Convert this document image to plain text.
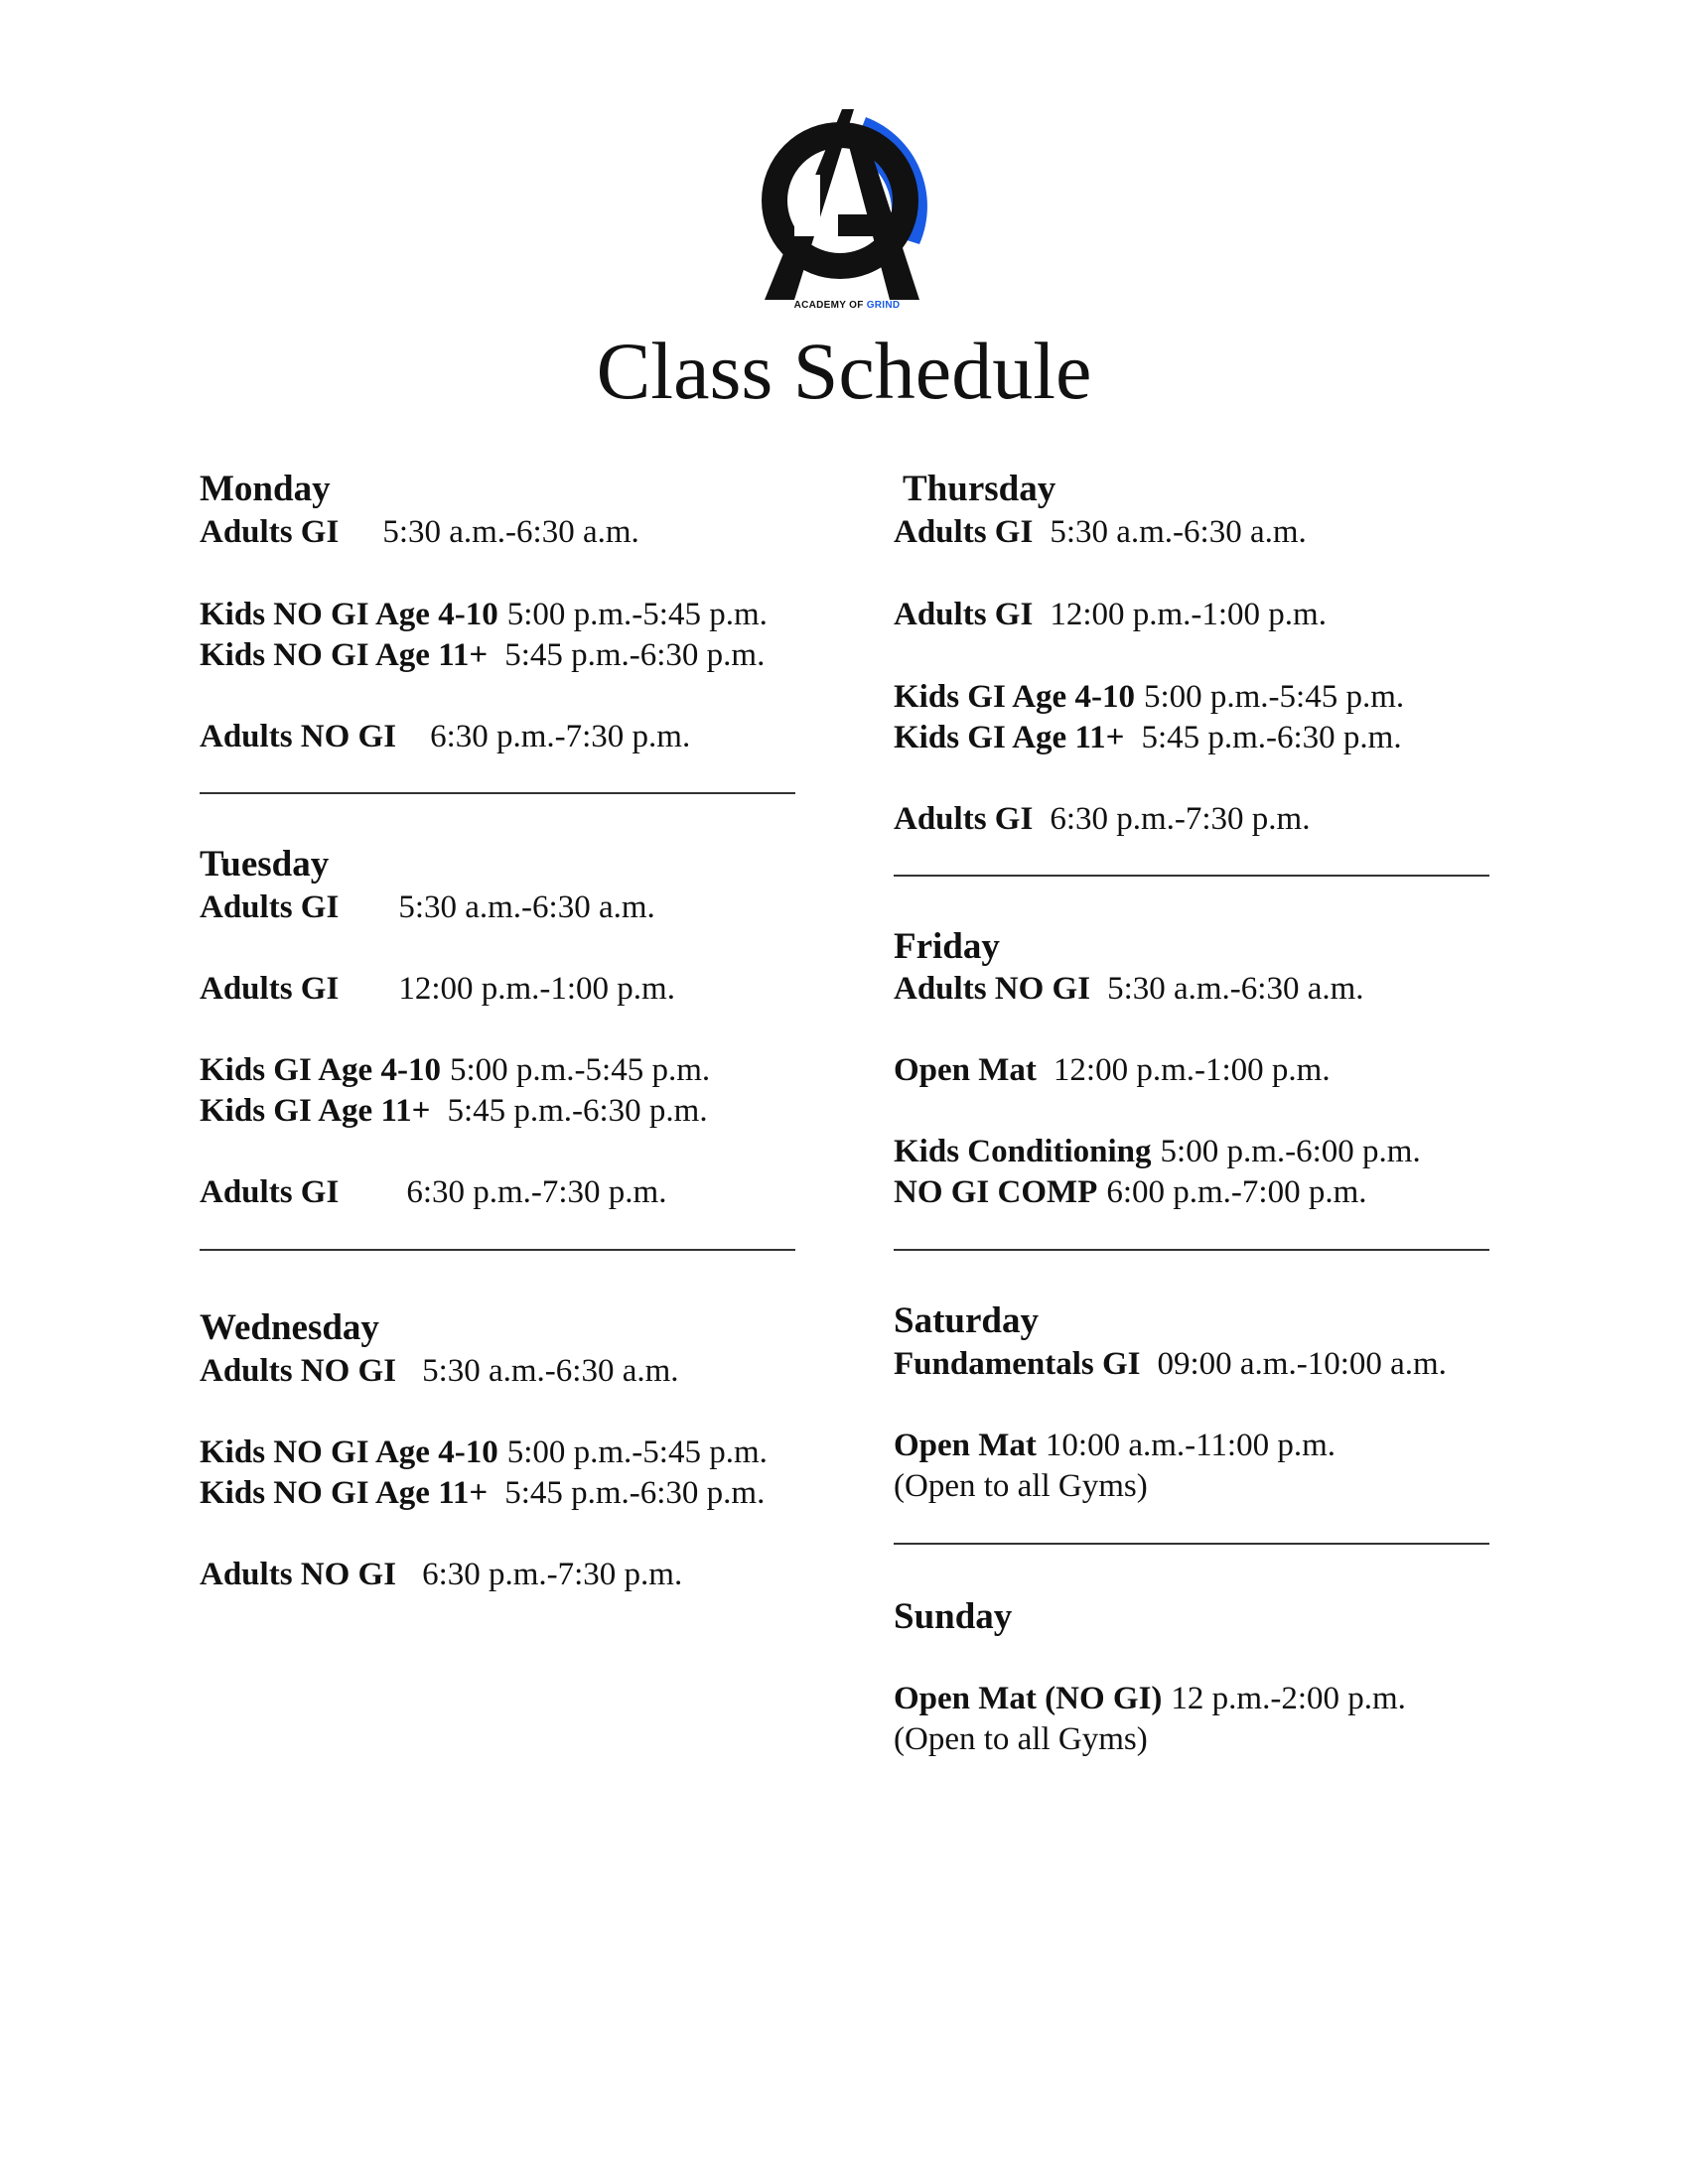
ACADEMY OF GRIND
Class Schedule
Monday
Adults GI 5:30 a.m.-6:30 a.m.
Kids NO GI Age 4-10 5:00 p.m.-5:45 p.m.
Kids NO GI Age 11+ 5:45 p.m.-6:30 p.m.
Adults NO GI 6:30 p.m.-7:30 p.m.
Tuesday
Adults GI 5:30 a.m.-6:30 a.m.
Adults GI 12:00 p.m.-1:00 p.m.
Kids GI Age 4-10 5:00 p.m.-5:45 p.m.
Kids GI Age 11+ 5:45 p.m.-6:30 p.m.
Adults GI 6:30 p.m.-7:30 p.m.
Wednesday
Adults NO GI 5:30 a.m.-6:30 a.m.
Kids NO GI Age 4-10 5:00 p.m.-5:45 p.m.
Kids NO GI Age 11+ 5:45 p.m.-6:30 p.m.
Adults NO GI 6:30 p.m.-7:30 p.m.
Thursday
Adults GI 5:30 a.m.-6:30 a.m.
Adults GI 12:00 p.m.-1:00 p.m.
Kids GI Age 4-10 5:00 p.m.-5:45 p.m.
Kids GI Age 11+ 5:45 p.m.-6:30 p.m.
Adults GI 6:30 p.m.-7:30 p.m.
Friday
Adults NO GI 5:30 a.m.-6:30 a.m.
Open Mat 12:00 p.m.-1:00 p.m.
Kids Conditioning 5:00 p.m.-6:00 p.m.
NO GI COMP 6:00 p.m.-7:00 p.m.
Saturday
Fundamentals GI 09:00 a.m.-10:00 a.m.
Open Mat 10:00 a.m.-11:00 p.m.
(Open to all Gyms)
Sunday
Open Mat (NO GI) 12 p.m.-2:00 p.m.
(Open to all Gyms)
